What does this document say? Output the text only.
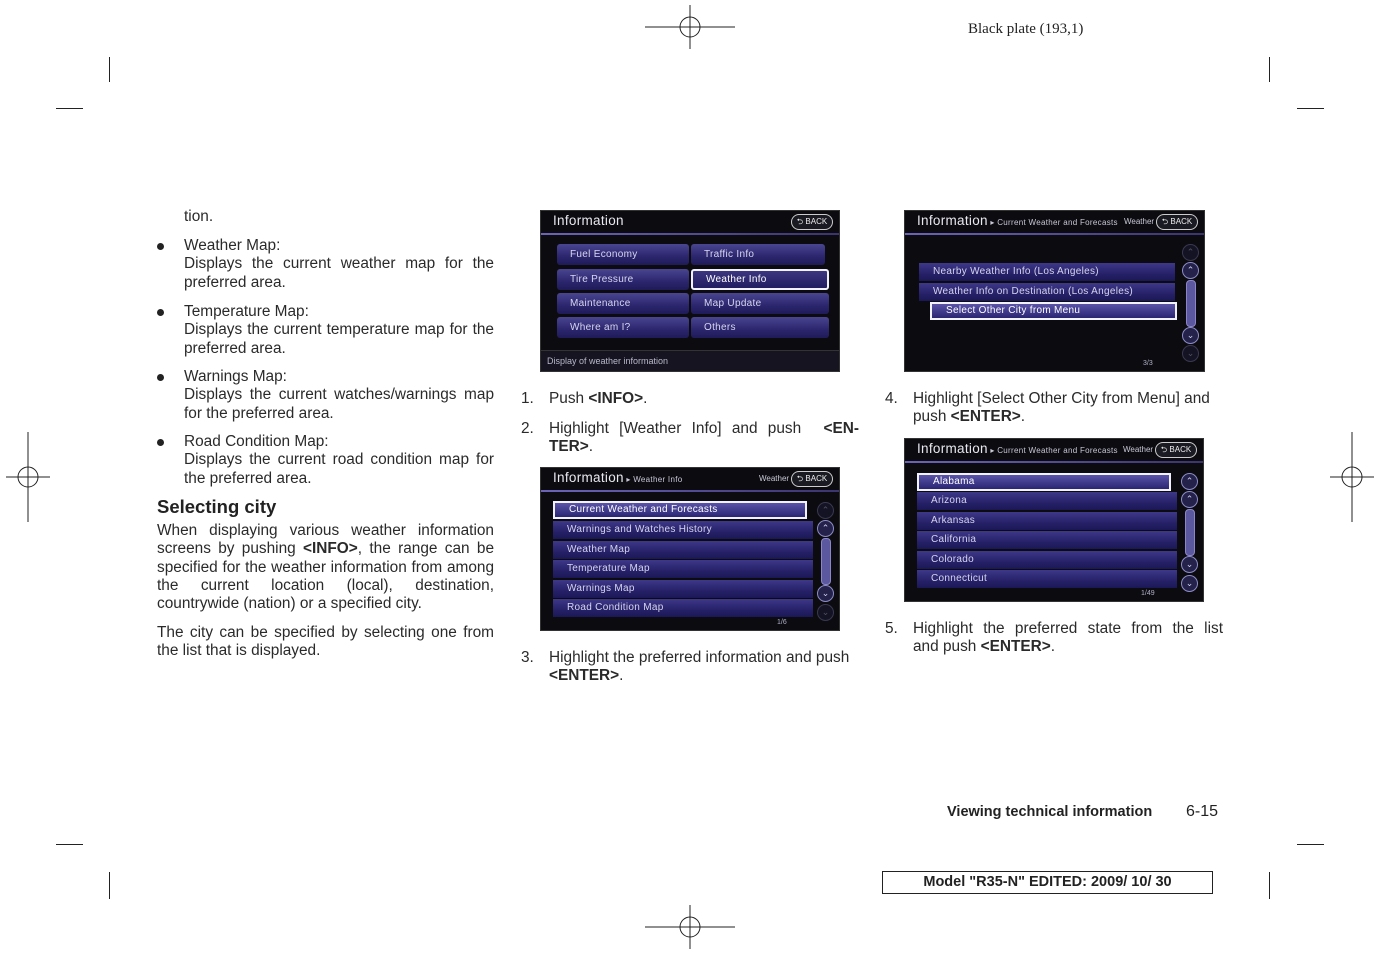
Black plate (193,1)
tion.
Weather Map:
Displays the current weather map for the preferred area.
Temperature Map:
Displays the current temperature map for the preferred area.
Warnings Map:
Displays the current watches/warnings map for the preferred area.
Road Condition Map:
Displays the current road condition map for the preferred area.
Selecting city
When displaying various weather information screens by pushing <INFO>, the range can be specified for the weather information from among the current location (local), destination, countrywide (nation) or a specified city.
The city can be specified by selecting one from the list that is displayed.
Information	⮌ BACK
Fuel Economy	Traffic Info
Tire Pressure	Weather Info
Maintenance	Map Update
Where am I?	Others
Display of weather information
1. Push <INFO>.
2. Highlight [Weather Info] and push <EN-
TER>.
Information ▸ Weather Info	Weather ⮌ BACK
Current Weather and Forecasts
Warnings and Watches History
Weather Map
Temperature Map
Warnings Map
Road Condition Map
⌃
⌃
⌄
⌄
1/6
3. Highlight the preferred information and push
<ENTER>.
Information ▸ Current Weather and Forecasts Weather ⮌ BACK
Nearby Weather Info (Los Angeles)
Weather Info on Destination (Los Angeles)
Select Other City from Menu
⌃
⌃
⌄
⌄
3/3
4. Highlight [Select Other City from Menu] and
push <ENTER>.
Information ▸ Current Weather and Forecasts Weather ⮌ BACK
Alabama
Arizona
Arkansas
California
Colorado
Connecticut
⌃
⌃
⌄
⌄
1/49
5. Highlight the preferred state from the list
and push <ENTER>.
Viewing technical information 6-15
Model "R35-N" EDITED: 2009/ 10/ 30
